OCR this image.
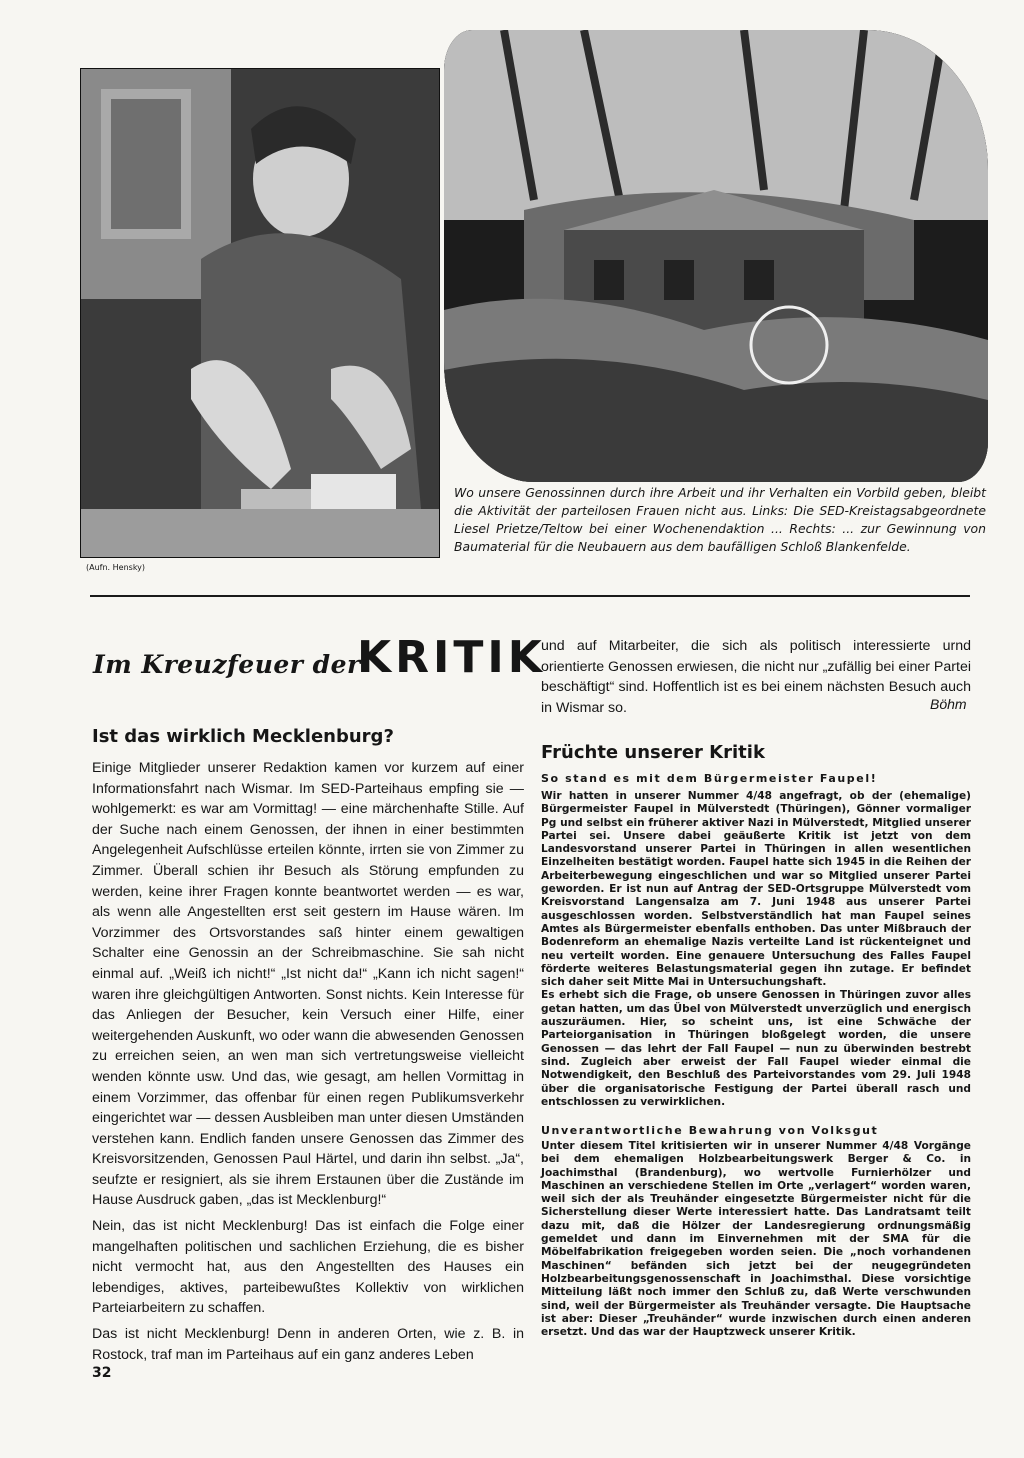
(Aufn. Hensky)
Wo unsere Genossinnen durch ihre Arbeit und ihr Verhalten ein Vorbild geben, bleibt die Aktivität der parteilosen Frauen nicht aus. Links: Die SED-Kreistagsabgeordnete Liesel Prietze/Teltow bei einer Wochenendaktion ... Rechts: ... zur Gewinnung von Baumaterial für die Neubauern aus dem baufälligen Schloß Blankenfelde.
Im Kreuzfeuer der
KRITIK
Ist das wirklich Mecklenburg?

Einige Mitglieder unserer Redaktion kamen vor kurzem auf einer Informationsfahrt nach Wismar. Im SED-Parteihaus empfing sie — wohlgemerkt: es war am Vormittag! — eine märchenhafte Stille. Auf der Suche nach einem Genossen, der ihnen in einer bestimmten Angelegenheit Aufschlüsse erteilen könnte, irrten sie von Zimmer zu Zimmer. Überall schien ihr Besuch als Störung empfunden zu werden, keine ihrer Fragen konnte beantwortet werden — es war, als wenn alle Angestellten erst seit gestern im Hause wären. Im Vorzimmer des Ortsvorstandes saß hinter einem gewaltigen Schalter eine Genossin an der Schreibmaschine. Sie sah nicht einmal auf. „Weiß ich nicht!“ „Ist nicht da!“ „Kann ich nicht sagen!“ waren ihre gleichgültigen Antworten. Sonst nichts. Kein Interesse für das Anliegen der Besucher, kein Versuch einer Hilfe, einer weitergehenden Auskunft, wo oder wann die abwesenden Genossen zu erreichen seien, an wen man sich vertretungsweise vielleicht wenden könnte usw. Und das, wie gesagt, am hellen Vormittag in einem Vorzimmer, das offenbar für einen regen Publikumsverkehr eingerichtet war — dessen Ausbleiben man unter diesen Umständen verstehen kann. Endlich fanden unsere Genossen das Zimmer des Kreisvorsitzenden, Genossen Paul Härtel, und darin ihn selbst. „Ja“, seufzte er resigniert, als sie ihrem Erstaunen über die Zustände im Hause Ausdruck gaben, „das ist Mecklenburg!“

Nein, das ist nicht Mecklenburg! Das ist einfach die Folge einer mangelhaften politischen und sachlichen Erziehung, die es bisher nicht vermocht hat, aus den Angestellten des Hauses ein lebendiges, aktives, parteibewußtes Kollektiv von wirklichen Parteiarbeitern zu schaffen.

Das ist nicht Mecklenburg! Denn in anderen Orten, wie z. B. in Rostock, traf man im Parteihaus auf ein ganz anderes Leben

und auf Mitarbeiter, die sich als politisch interessierte urnd orientierte Genossen erwiesen, die nicht nur „zufällig bei einer Partei beschäftigt“ sind. Hoffentlich ist es bei einem nächsten Besuch auch in Wismar so.	Böhm
Früchte unserer Kritik
So stand es mit dem Bürgermeister Faupel!

Wir hatten in unserer Nummer 4/48 angefragt, ob der (ehemalige) Bürgermeister Faupel in Mülverstedt (Thüringen), Gönner vormaliger Pg und selbst ein früherer aktiver Nazi in Mülverstedt, Mitglied unserer Partei sei. Unsere dabei geäußerte Kritik ist jetzt von dem Landesvorstand unserer Partei in Thüringen in allen wesentlichen Einzelheiten bestätigt worden. Faupel hatte sich 1945 in die Reihen der Arbeiterbewegung eingeschlichen und war so Mitglied unserer Partei geworden. Er ist nun auf Antrag der SED-Ortsgruppe Mülverstedt vom Kreisvorstand Langensalza am 7. Juni 1948 aus unserer Partei ausgeschlossen worden. Selbstverständlich hat man Faupel seines Amtes als Bürgermeister ebenfalls enthoben. Das unter Mißbrauch der Bodenreform an ehemalige Nazis verteilte Land ist rückenteignet und neu verteilt worden. Eine genauere Untersuchung des Falles Faupel förderte weiteres Belastungsmaterial gegen ihn zutage. Er befindet sich daher seit Mitte Mai in Untersuchungshaft.

Es erhebt sich die Frage, ob unsere Genossen in Thüringen zuvor alles getan hatten, um das Übel von Mülverstedt unverzüglich und energisch auszuräumen. Hier, so scheint uns, ist eine Schwäche der Parteiorganisation in Thüringen bloßgelegt worden, die unsere Genossen — das lehrt der Fall Faupel — nun zu überwinden bestrebt sind. Zugleich aber erweist der Fall Faupel wieder einmal die Notwendigkeit, den Beschluß des Parteivorstandes vom 29. Juli 1948 über die organisatorische Festigung der Partei überall rasch und entschlossen zu verwirklichen.

Unverantwortliche Bewahrung von Volksgut

Unter diesem Titel kritisierten wir in unserer Nummer 4/48 Vorgänge bei dem ehemaligen Holzbearbeitungswerk Berger & Co. in Joachimsthal (Brandenburg), wo wertvolle Furnierhölzer und Maschinen an verschiedene Stellen im Orte „verlagert“ worden waren, weil sich der als Treuhänder eingesetzte Bürgermeister nicht für die Sicherstellung dieser Werte interessiert hatte. Das Landratsamt teilt dazu mit, daß die Hölzer der Landesregierung ordnungsmäßig gemeldet und dann im Einvernehmen mit der SMA für die Möbelfabrikation freigegeben worden seien. Die „noch vorhandenen Maschinen“ befänden sich jetzt bei der neugegründeten Holzbearbeitungsgenossenschaft in Joachimsthal. Diese vorsichtige Mitteilung läßt noch immer den Schluß zu, daß Werte verschwunden sind, weil der Bürgermeister als Treuhänder versagte. Die Hauptsache ist aber: Dieser „Treuhänder“ wurde inzwischen durch einen anderen ersetzt. Und das war der Hauptzweck unserer Kritik.

32
